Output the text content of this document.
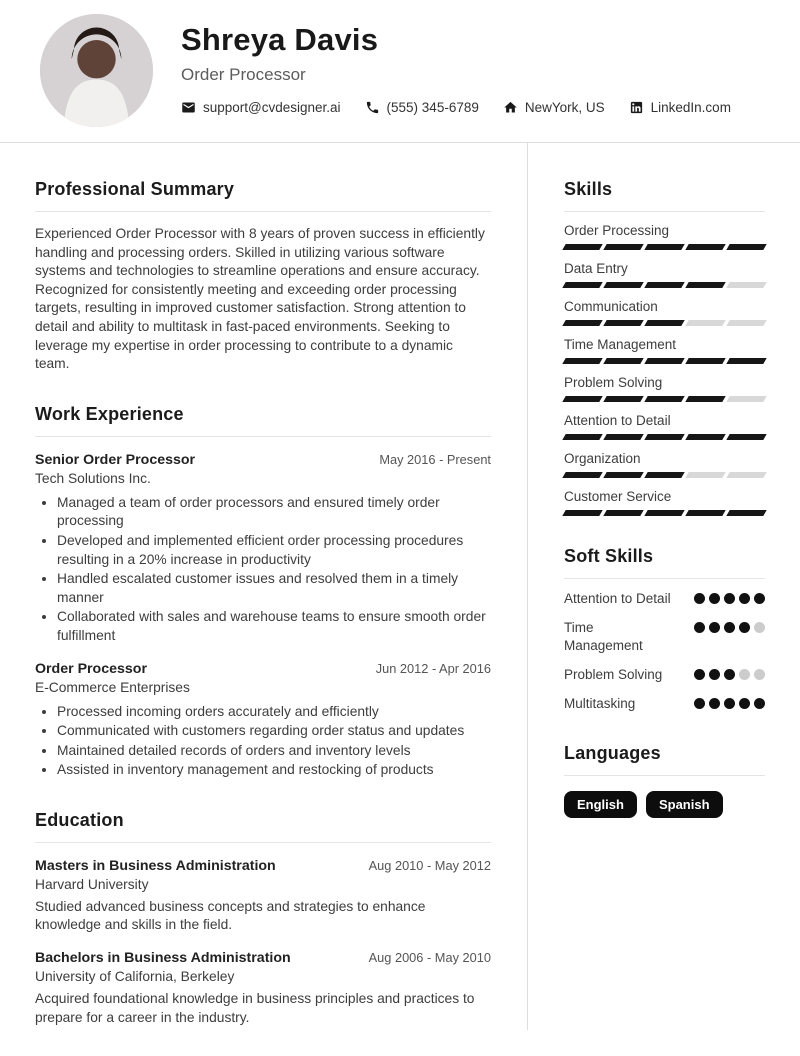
Shreya Davis
Order Processor
support@cvdesigner.ai	(555) 345-6789	NewYork, US	LinkedIn.com
Professional Summary

Experienced Order Processor with 8 years of proven success in efficiently handling and processing orders. Skilled in utilizing various software systems and technologies to streamline operations and ensure accuracy. Recognized for consistently meeting and exceeding order processing targets, resulting in improved customer satisfaction. Strong attention to detail and ability to multitask in fast-paced environments. Seeking to leverage my expertise in order processing to contribute to a dynamic team.

Work Experience
Senior Order Processor	May 2016 - Present
Tech Solutions Inc.
• Managed a team of order processors and ensured timely order processing
• Developed and implemented efficient order processing procedures resulting in a 20% increase in productivity
• Handled escalated customer issues and resolved them in a timely manner
• Collaborated with sales and warehouse teams to ensure smooth order fulfillment
Order Processor	Jun 2012 - Apr 2016
E-Commerce Enterprises
• Processed incoming orders accurately and efficiently
• Communicated with customers regarding order status and updates
• Maintained detailed records of orders and inventory levels
• Assisted in inventory management and restocking of products
Education
Masters in Business Administration	Aug 2010 - May 2012
Harvard University

Studied advanced business concepts and strategies to enhance knowledge and skills in the field.

Bachelors in Business Administration	Aug 2006 - May 2010
University of California, Berkeley

Acquired foundational knowledge in business principles and practices to prepare for a career in the industry.

Skills
Order Processing
Data Entry
Communication
Time Management
Problem Solving
Attention to Detail
Organization
Customer Service
Soft Skills
Attention to Detail
Time Management
Problem Solving
Multitasking
Languages
English	Spanish
